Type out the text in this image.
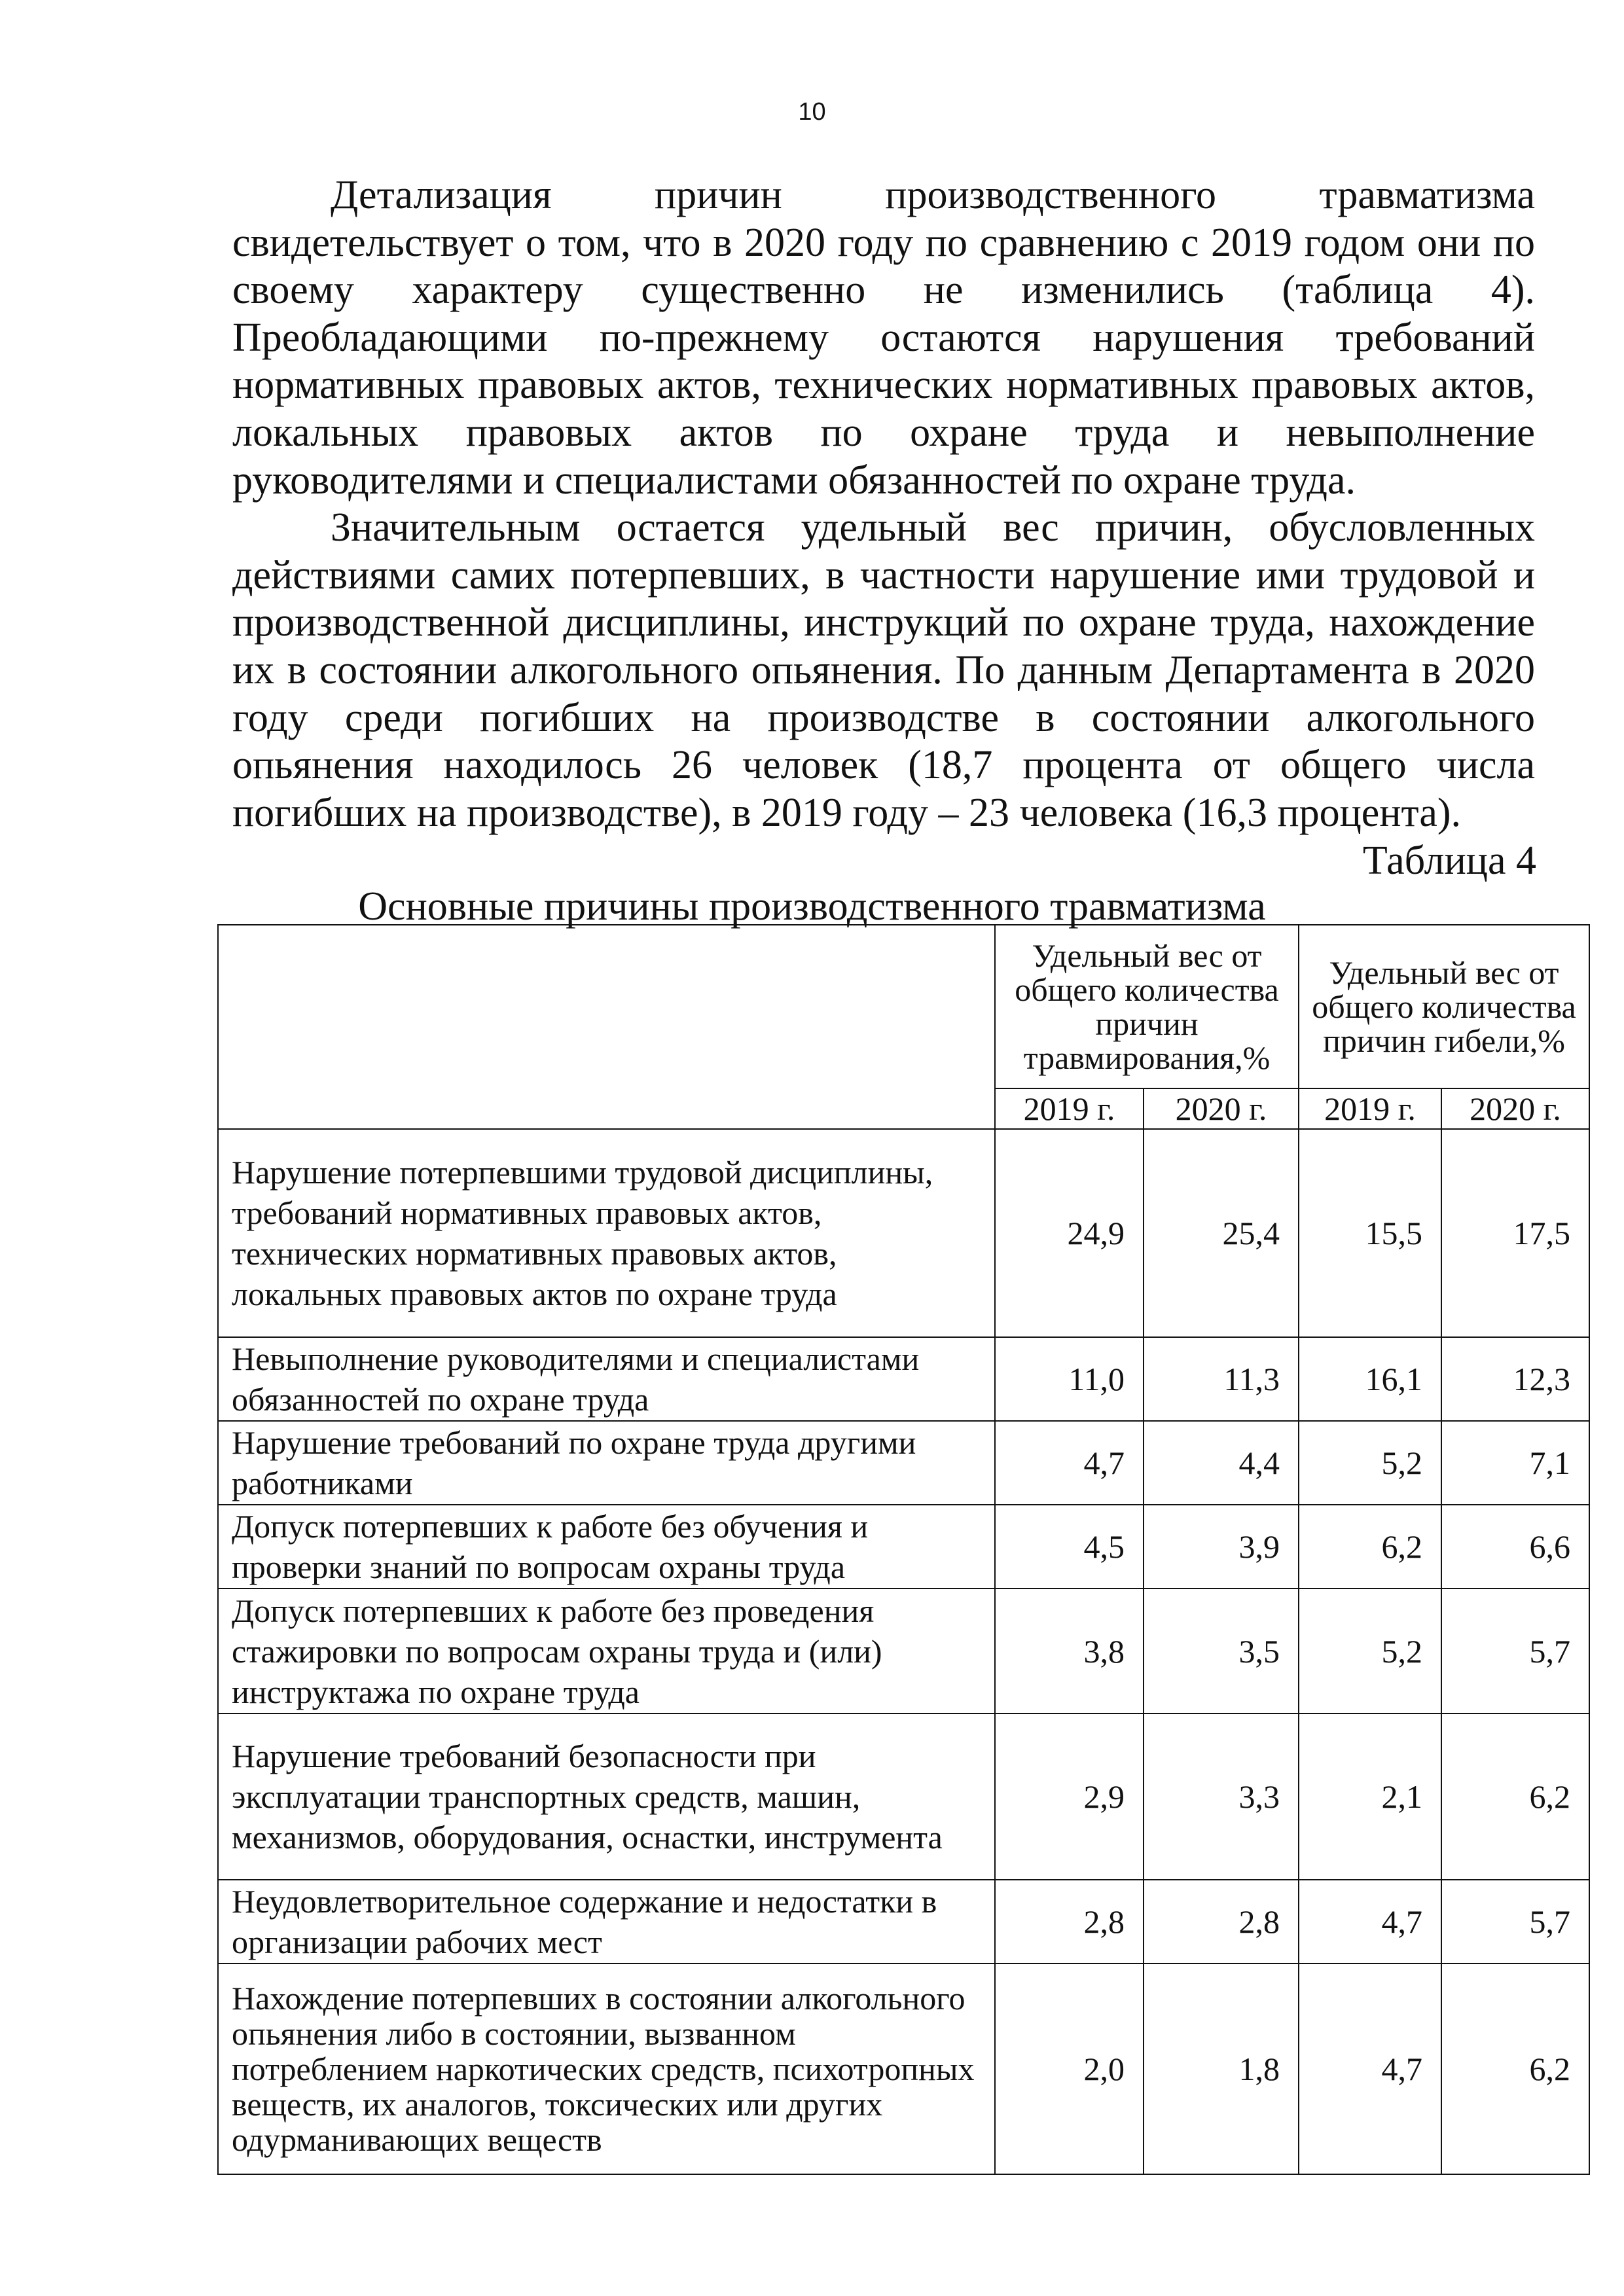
10

Детализация причин производственного травматизма свидетельствует о том, что в 2020 году по сравнению с 2019 годом они по своему характеру существенно не изменились (таблица 4). Преобладающими по-прежнему остаются нарушения требований нормативных правовых актов, технических нормативных правовых актов, локальных правовых актов по охране труда и невыполнение руководителями и специалистами обязанностей по охране труда.

Значительным остается удельный вес причин, обусловленных действиями самих потерпевших, в частности нарушение ими трудовой и производственной дисциплины, инструкций по охране труда, нахождение их в состоянии алкогольного опьянения. По данным Департамента в 2020 году среди погибших на производстве в состоянии алкогольного опьянения находилось 26 человек (18,7 процента от общего числа погибших на производстве), в 2019 году – 23 человека (16,3 процента).

Таблица 4
Основные причины производственного травматизма
	Удельный вес от общего количества причин травмирования,%		Удельный вес от общего количества причин гибели,%	
	2019 г.	2020 г.	2019 г.	2020 г.
Нарушение потерпевшими трудовой дисциплины, требований нормативных правовых актов, технических нормативных правовых актов, локальных правовых актов по охране труда	24,9	25,4	15,5	17,5
Невыполнение руководителями и специалистами обязанностей по охране труда	11,0	11,3	16,1	12,3
Нарушение требований по охране труда другими работниками	4,7	4,4	5,2	7,1
Допуск потерпевших к работе без обучения и проверки знаний по вопросам охраны труда	4,5	3,9	6,2	6,6
Допуск потерпевших к работе без проведения стажировки по вопросам охраны труда и (или) инструктажа по охране труда	3,8	3,5	5,2	5,7
Нарушение требований безопасности при эксплуатации транспортных средств, машин, механизмов, оборудования, оснастки, инструмента	2,9	3,3	2,1	6,2
Неудовлетворительное содержание и недостатки в организации рабочих мест	2,8	2,8	4,7	5,7
Нахождение потерпевших в состоянии алкогольного опьянения либо в состоянии, вызванном потреблением наркотических средств, психотропных веществ, их аналогов, токсических или других одурманивающих веществ	2,0	1,8	4,7	6,2
